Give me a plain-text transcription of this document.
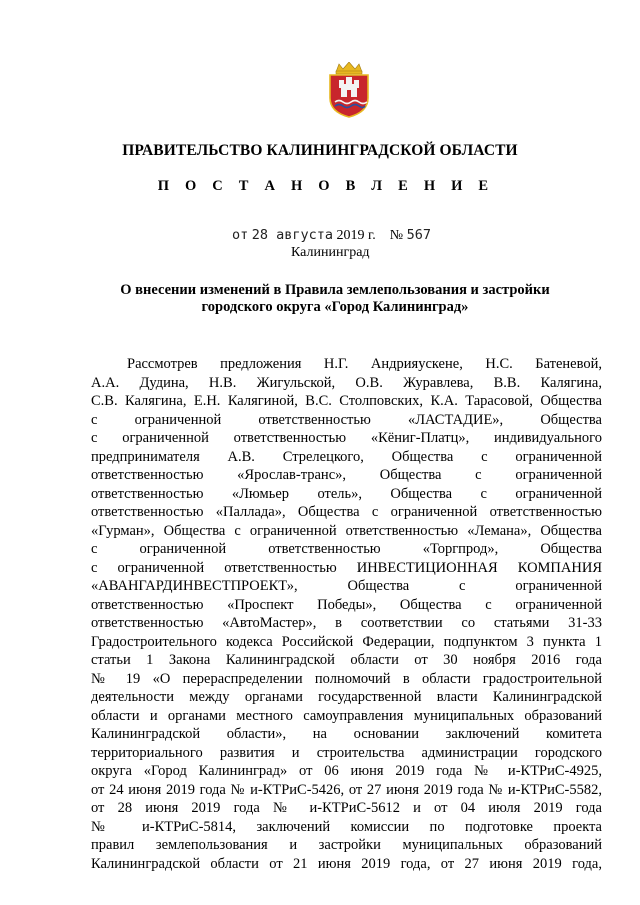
ПРАВИТЕЛЬСТВО КАЛИНИНГРАДСКОЙ ОБЛАСТИ
П О С Т А Н О В Л Е Н И Е
от 28 августа 2019 г. № 567
Калининград
О внесении изменений в Правила землепользования и застройки
городского округа «Город Калининград»
Рассмотрев предложения Н.Г. Андрияускене, Н.С. Батеневой,
А.А. Дудина, Н.В. Жигульской, О.В. Журавлева, В.В. Калягина,
С.В. Калягина, Е.Н. Калягиной, В.С. Столповских, К.А. Тарасовой, Общества
с ограниченной ответственностью «ЛАСТАДИЕ», Общества
с ограниченной ответственностью «Кёниг-Платц», индивидуального
предпринимателя А.В. Стрелецкого, Общества с ограниченной
ответственностью «Ярослав-транс», Общества с ограниченной
ответственностью «Люмьер отель», Общества с ограниченной
ответственностью «Паллада», Общества с ограниченной ответственностью
«Гурман», Общества с ограниченной ответственностью «Лемана», Общества
с ограниченной ответственностью «Торгпрод», Общества
с ограниченной ответственностью ИНВЕСТИЦИОННАЯ КОМПАНИЯ
«АВАНГАРДИНВЕСТПРОЕКТ», Общества с ограниченной
ответственностью «Проспект Победы», Общества с ограниченной
ответственностью «АвтоМастер», в соответствии со статьями 31-33
Градостроительного кодекса Российской Федерации, подпунктом 3 пункта 1
статьи 1 Закона Калининградской области от 30 ноября 2016 года
№ 19 «О перераспределении полномочий в области градостроительной
деятельности между органами государственной власти Калининградской
области и органами местного самоуправления муниципальных образований
Калининградской области», на основании заключений комитета
территориального развития и строительства администрации городского
округа «Город Калининград» от 06 июня 2019 года № и-КТРиС-4925,
от 24 июня 2019 года № и-КТРиС-5426, от 27 июня 2019 года № и-КТРиС-5582,
от 28 июня 2019 года № и-КТРиС-5612 и от 04 июля 2019 года
№ и-КТРиС-5814, заключений комиссии по подготовке проекта
правил землепользования и застройки муниципальных образований
Калининградской области от 21 июня 2019 года, от 27 июня 2019 года,
